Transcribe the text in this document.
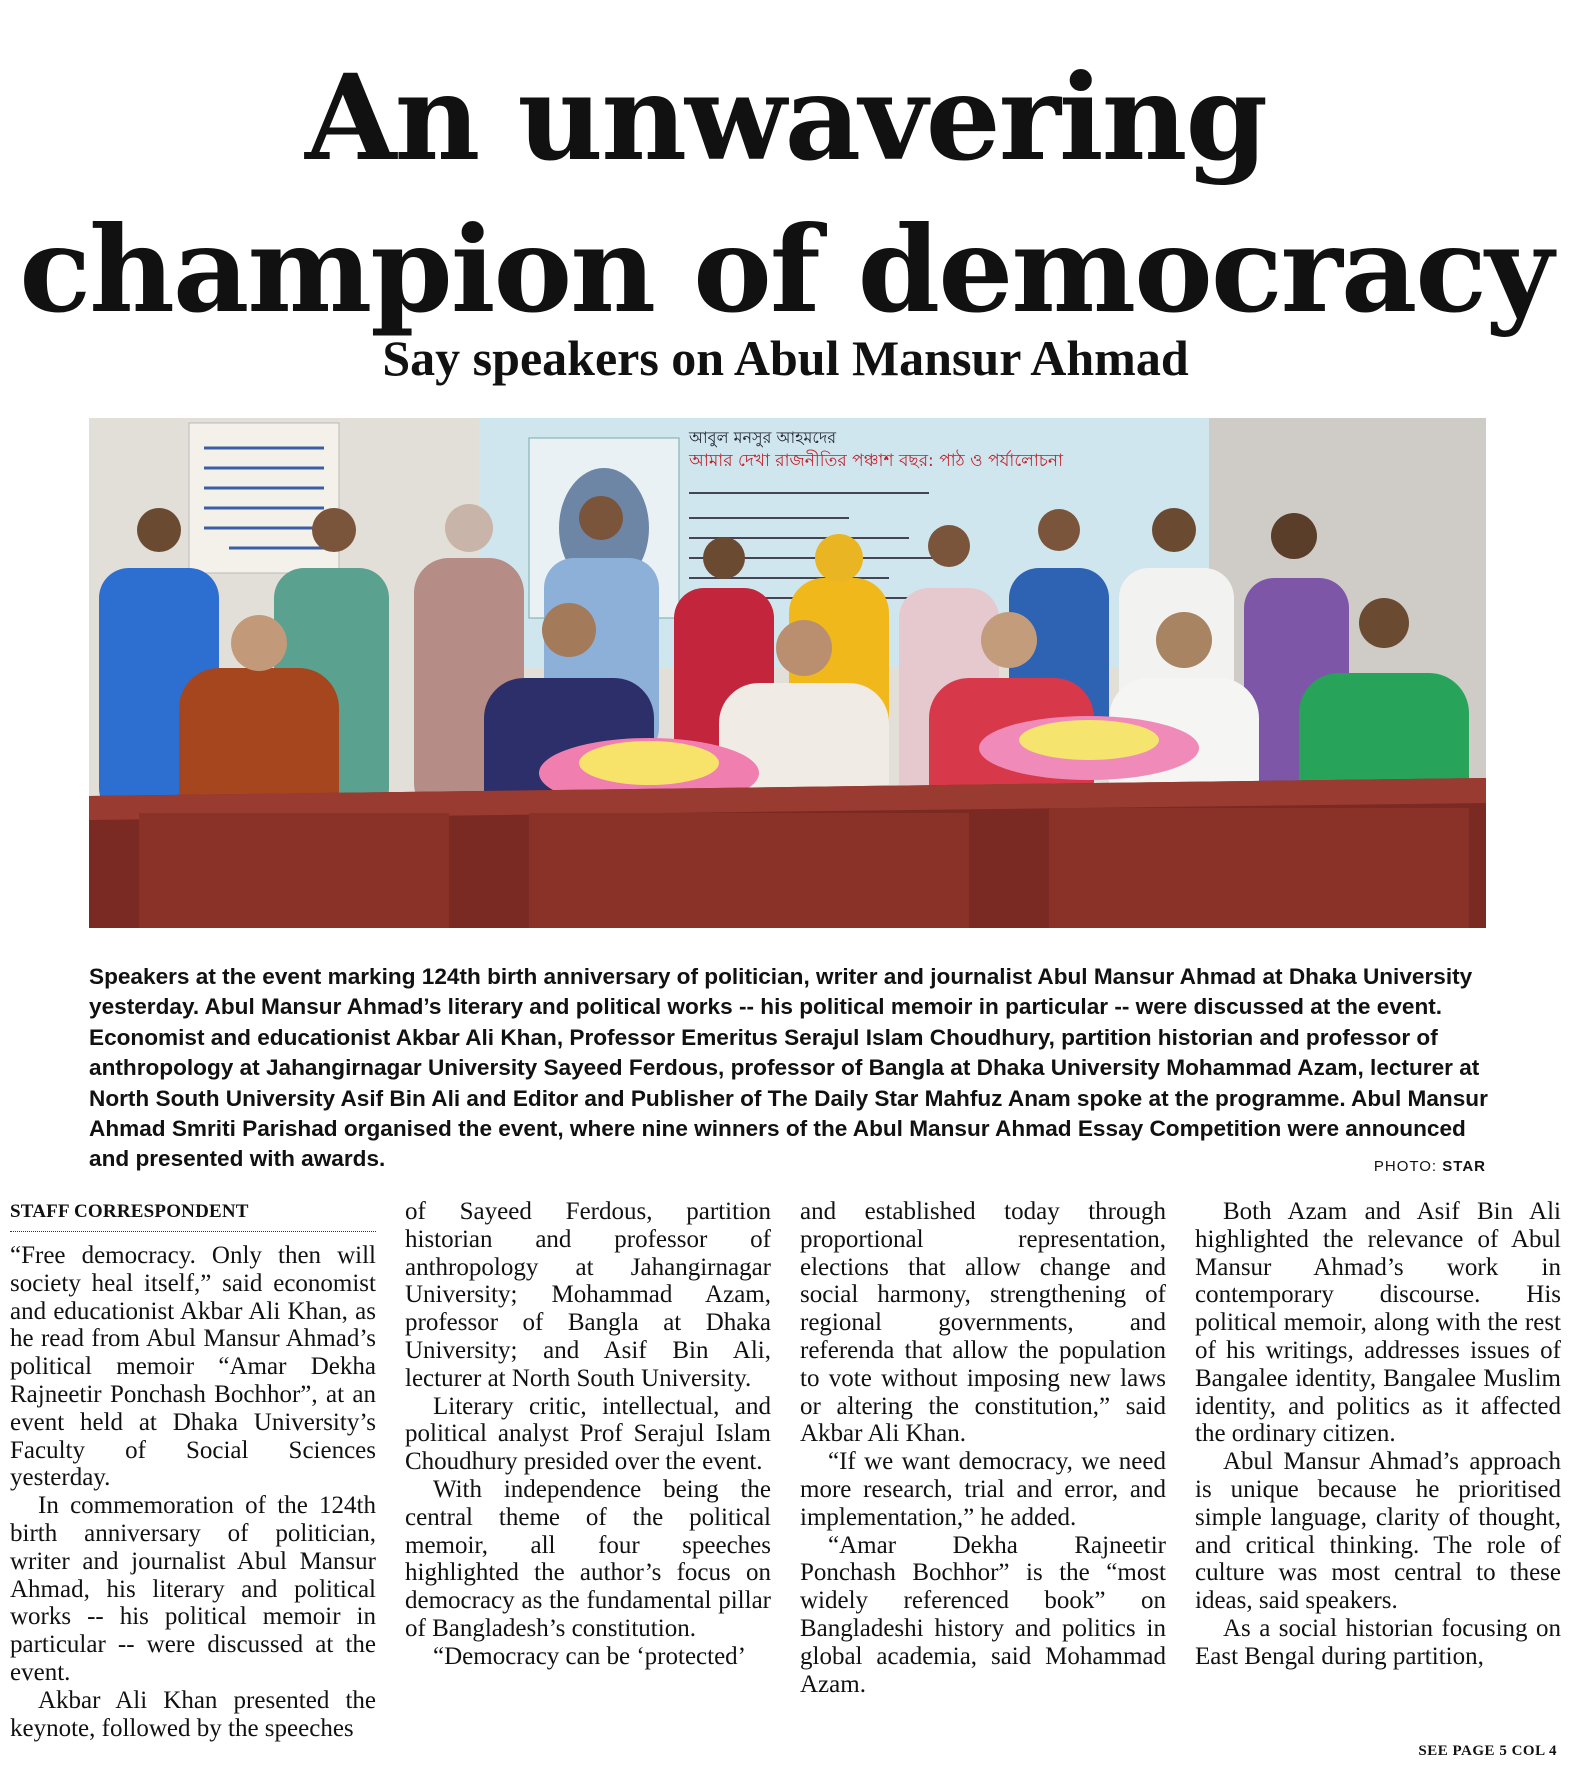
An unwavering champion of democracy
Say speakers on Abul Mansur Ahmad
আবুল মনসুর আহমদের
আমার দেখা রাজনীতির পঞ্চাশ বছর: পাঠ ও পর্যালোচনা

Speakers at the event marking 124th birth anniversary of politician, writer and journalist Abul Mansur Ahmad at Dhaka University yesterday. Abul Mansur Ahmad’s literary and political works -- his political memoir in particular -- were discussed at the event. Economist and educationist Akbar Ali Khan, Professor Emeritus Serajul Islam Choudhury, partition historian and professor of anthropology at Jahangirnagar University Sayeed Ferdous, professor of Bangla at Dhaka University Mohammad Azam, lecturer at North South University Asif Bin Ali and Editor and Publisher of The Daily Star Mahfuz Anam spoke at the programme. Abul Mansur Ahmad Smriti Parishad organised the event, where nine winners of the Abul Mansur Ahmad Essay Competition were announced and presented with awards.	PHOTO: STAR
STAFF CORRESPONDENT

“Free democracy. Only then will society heal itself,” said economist and educationist Akbar Ali Khan, as he read from Abul Mansur Ahmad’s political memoir “Amar Dekha Rajneetir Ponchash Bochhor”, at an event held at Dhaka University’s Faculty of Social Sciences yesterday.

In commemoration of the 124th birth anniversary of politician, writer and journalist Abul Mansur Ahmad, his literary and political works -- his political memoir in particular -- were discussed at the event.

Akbar Ali Khan presented the keynote, followed by the speeches

of Sayeed Ferdous, partition historian and professor of anthropology at Jahangirnagar University; Mohammad Azam, professor of Bangla at Dhaka University; and Asif Bin Ali, lecturer at North South University.

Literary critic, intellectual, and political analyst Prof Serajul Islam Choudhury presided over the event.

With independence being the central theme of the political memoir, all four speeches highlighted the author’s focus on democracy as the fundamental pillar of Bangladesh’s constitution.

“Democracy can be ‘protected’

and established today through proportional representation, elections that allow change and social harmony, strengthening of regional governments, and referenda that allow the population to vote without imposing new laws or altering the constitution,” said Akbar Ali Khan.

“If we want democracy, we need more research, trial and error, and implementation,” he added.

“Amar Dekha Rajneetir Ponchash Bochhor” is the “most widely referenced book” on Bangladeshi history and politics in global academia, said Mohammad Azam.

Both Azam and Asif Bin Ali highlighted the relevance of Abul Mansur Ahmad’s work in contemporary discourse. His political memoir, along with the rest of his writings, addresses issues of Bangalee identity, Bangalee Muslim identity, and politics as it affected the ordinary citizen.

Abul Mansur Ahmad’s approach is unique because he prioritised simple language, clarity of thought, and critical thinking. The role of culture was most central to these ideas, said speakers.

As a social historian focusing on East Bengal during partition,

SEE PAGE 5 COL 4
